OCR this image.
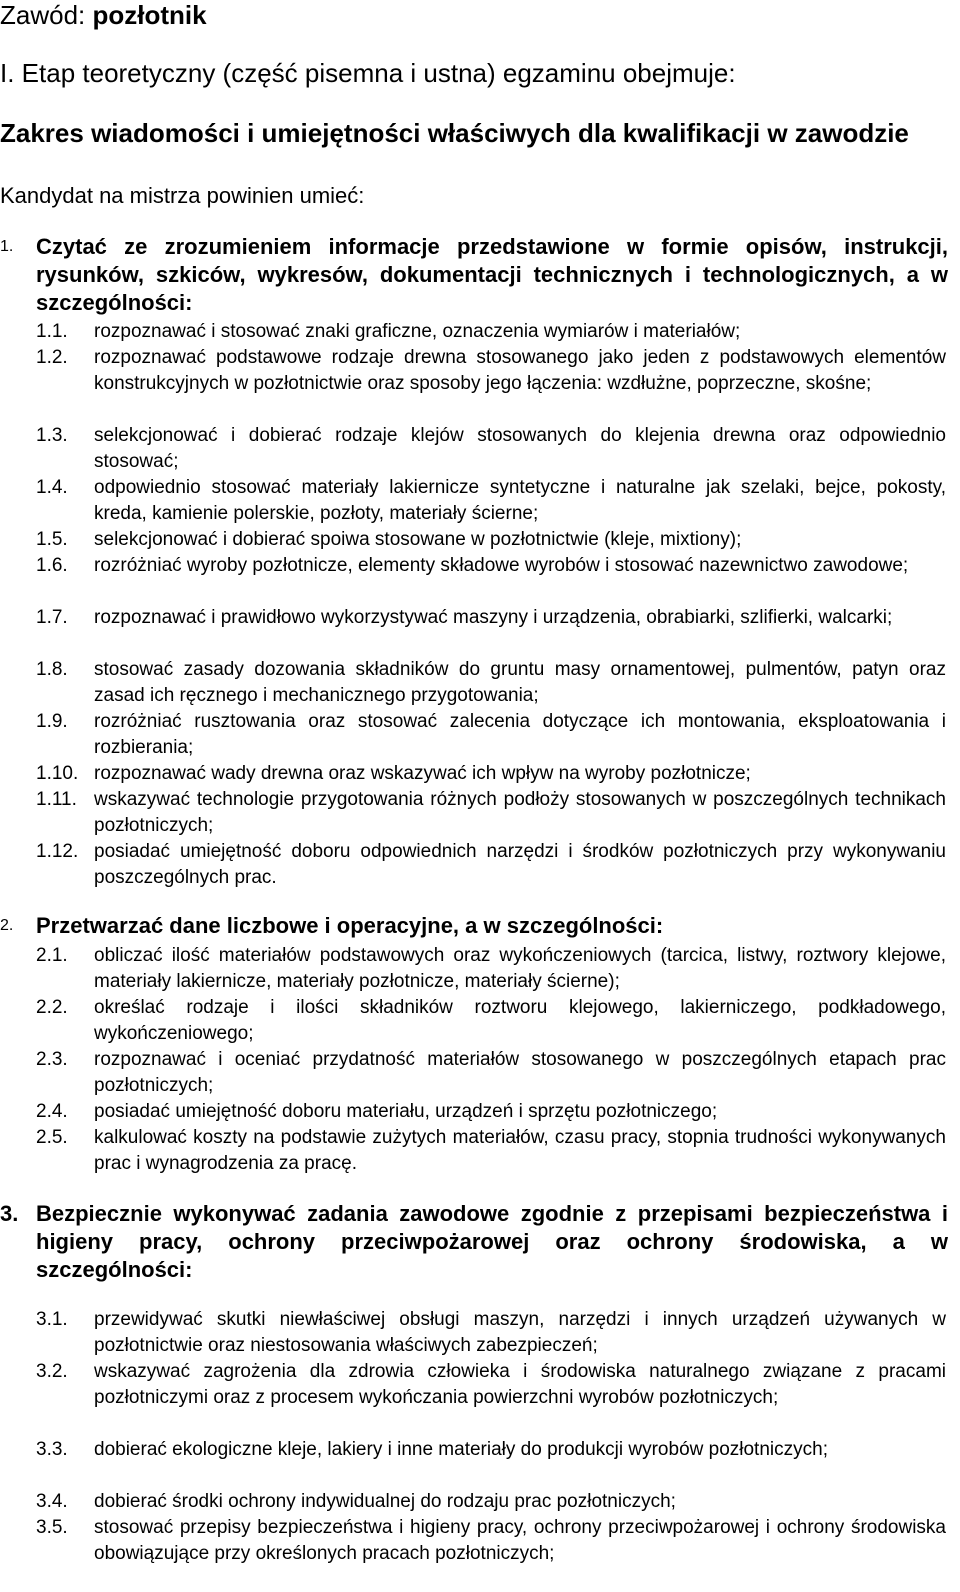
Zawód: pozłotnik
I. Etap teoretyczny (część pisemna i ustna) egzaminu obejmuje:
Zakres wiadomości i umiejętności właściwych dla kwalifikacji w zawodzie
Kandydat na mistrza powinien umieć:
1. Czytać ze zrozumieniem informacje przedstawione w formie opisów, instrukcji, rysunków, szkiców, wykresów, dokumentacji technicznych i technologicznych, a w szczególności:
1.1. rozpoznawać i stosować znaki graficzne, oznaczenia wymiarów i materiałów;
1.2. rozpoznawać podstawowe rodzaje drewna stosowanego jako jeden z podstawowych elementów konstrukcyjnych w pozłotnictwie oraz sposoby jego łączenia: wzdłużne, poprzeczne, skośne;
1.3. selekcjonować i dobierać rodzaje klejów stosowanych do klejenia drewna oraz odpowiednio stosować;
1.4. odpowiednio stosować materiały lakiernicze syntetyczne i naturalne jak szelaki, bejce, pokosty, kreda, kamienie polerskie, pozłoty, materiały ścierne;
1.5. selekcjonować i dobierać spoiwa stosowane w pozłotnictwie (kleje, mixtiony);
1.6. rozróżniać wyroby pozłotnicze, elementy składowe wyrobów i stosować nazewnictwo zawodowe;
1.7. rozpoznawać i prawidłowo wykorzystywać maszyny i urządzenia, obrabiarki, szlifierki, walcarki;
1.8. stosować zasady dozowania składników do gruntu masy ornamentowej, pulmentów, patyn oraz zasad ich ręcznego i mechanicznego przygotowania;
1.9. rozróżniać rusztowania oraz stosować zalecenia dotyczące ich montowania, eksploatowania i rozbierania;
1.10. rozpoznawać wady drewna oraz wskazywać ich wpływ na wyroby pozłotnicze;
1.11. wskazywać technologie przygotowania różnych podłoży stosowanych w poszczególnych technikach pozłotniczych;
1.12. posiadać umiejętność doboru odpowiednich narzędzi i środków pozłotniczych przy wykonywaniu poszczególnych prac.
2. Przetwarzać dane liczbowe i operacyjne, a w szczególności:
2.1. obliczać ilość materiałów podstawowych oraz wykończeniowych (tarcica, listwy, roztwory klejowe, materiały lakiernicze, materiały pozłotnicze, materiały ścierne);
2.2. określać rodzaje i ilości składników roztworu klejowego, lakierniczego, podkładowego, wykończeniowego;
2.3. rozpoznawać i oceniać przydatność materiałów stosowanego w poszczególnych etapach prac pozłotniczych;
2.4. posiadać umiejętność doboru materiału, urządzeń i sprzętu pozłotniczego;
2.5. kalkulować koszty na podstawie zużytych materiałów, czasu pracy, stopnia trudności wykonywanych prac i wynagrodzenia za pracę.
3. Bezpiecznie wykonywać zadania zawodowe zgodnie z przepisami bezpieczeństwa i higieny pracy, ochrony przeciwpożarowej oraz ochrony środowiska, a w szczególności:
3.1. przewidywać skutki niewłaściwej obsługi maszyn, narzędzi i innych urządzeń używanych w pozłotnictwie oraz niestosowania właściwych zabezpieczeń;
3.2. wskazywać zagrożenia dla zdrowia człowieka i środowiska naturalnego związane z pracami pozłotniczymi oraz z procesem wykończania powierzchni wyrobów pozłotniczych;
3.3. dobierać ekologiczne kleje, lakiery i inne materiały do produkcji wyrobów pozłotniczych;
3.4. dobierać środki ochrony indywidualnej do rodzaju prac pozłotniczych;
3.5. stosować przepisy bezpieczeństwa i higieny pracy, ochrony przeciwpożarowej i ochrony środowiska obowiązujące przy określonych pracach pozłotniczych;
